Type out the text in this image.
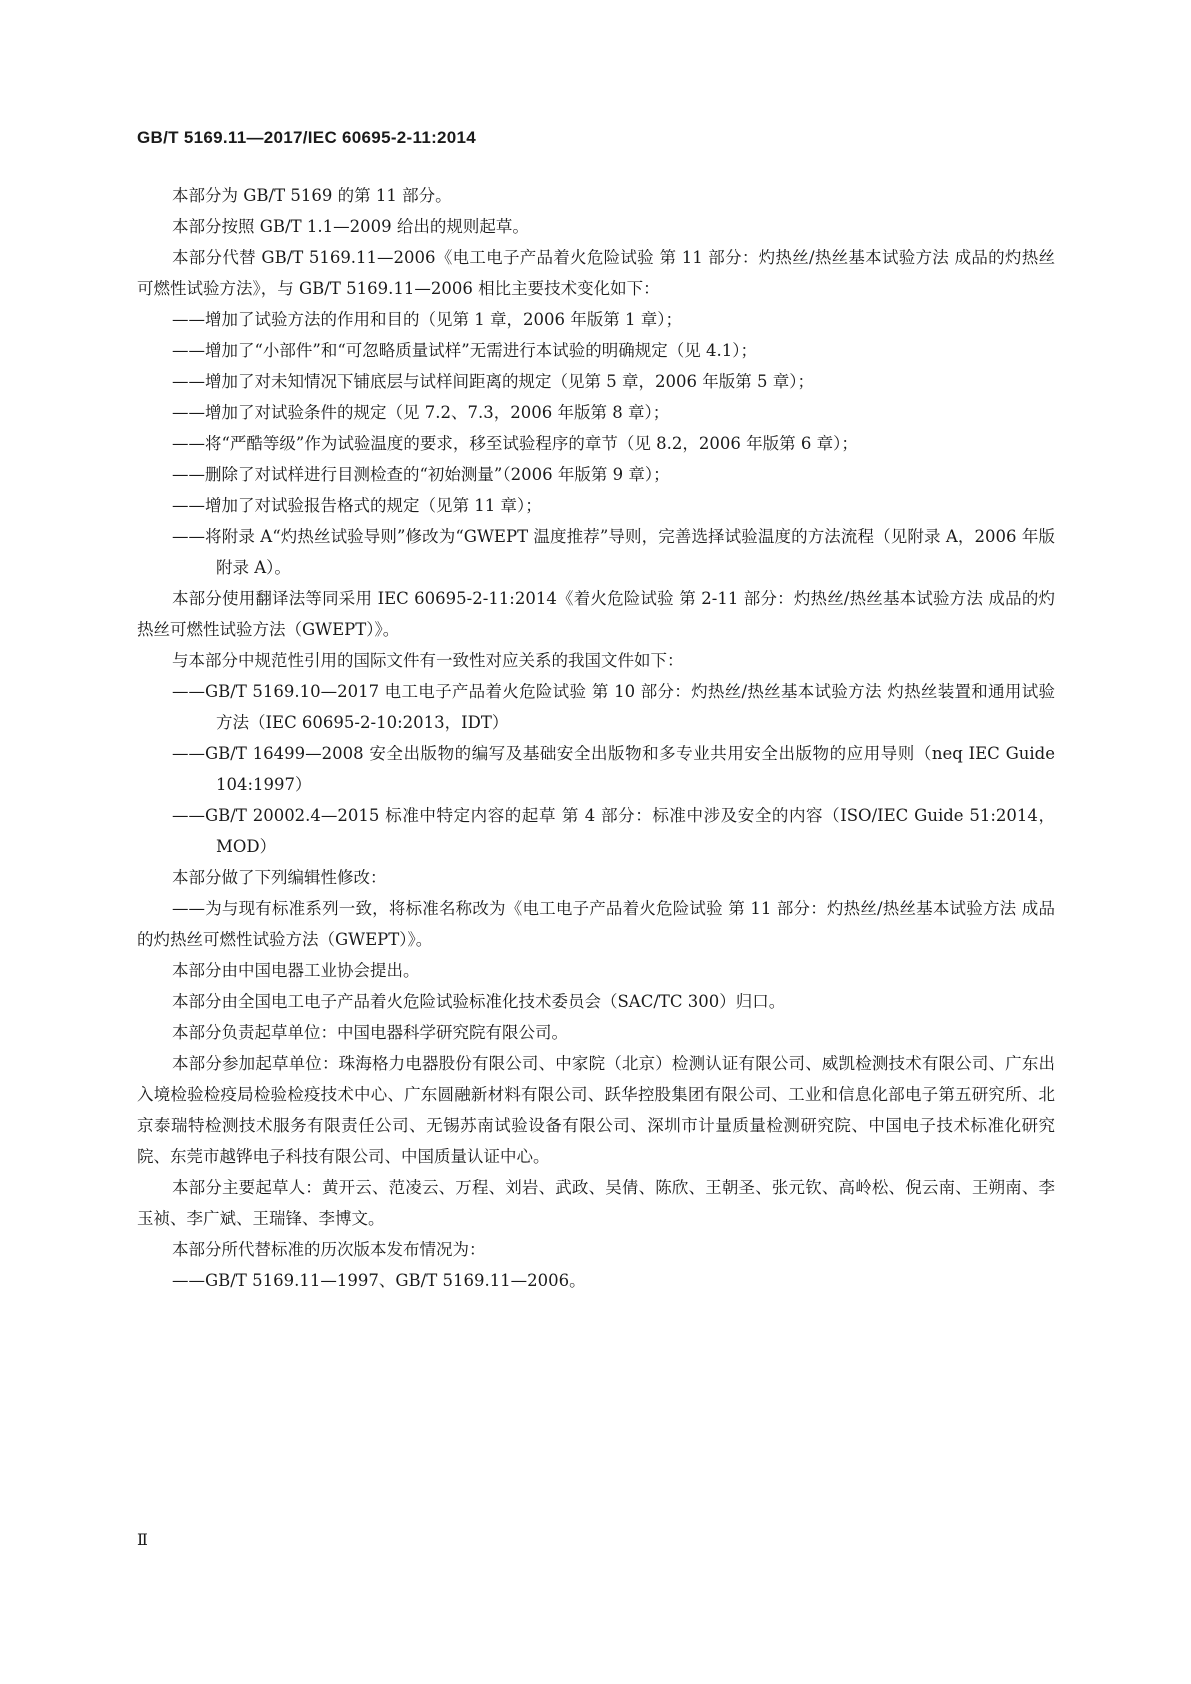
GB/T 5169.11—2017/IEC 60695-2-11:2014

本部分为 GB/T 5169 的第 11 部分。

本部分按照 GB/T 1.1—2009 给出的规则起草。

本部分代替 GB/T 5169.11—2006《电工电子产品着火危险试验 第 11 部分：灼热丝/热丝基本试验方法 成品的灼热丝可燃性试验方法》，与 GB/T 5169.11—2006 相比主要技术变化如下：

——增加了试验方法的作用和目的（见第 1 章，2006 年版第 1 章）；

——增加了“小部件”和“可忽略质量试样”无需进行本试验的明确规定（见 4.1）；

——增加了对未知情况下铺底层与试样间距离的规定（见第 5 章，2006 年版第 5 章）；

——增加了对试验条件的规定（见 7.2、7.3，2006 年版第 8 章）；

——将“严酷等级”作为试验温度的要求，移至试验程序的章节（见 8.2，2006 年版第 6 章）；

——删除了对试样进行目测检查的“初始测量”（2006 年版第 9 章）；

——增加了对试验报告格式的规定（见第 11 章）；

——将附录 A“灼热丝试验导则”修改为“GWEPT 温度推荐”导则，完善选择试验温度的方法流程（见附录 A，2006 年版附录 A）。

本部分使用翻译法等同采用 IEC 60695-2-11:2014《着火危险试验 第 2-11 部分：灼热丝/热丝基本试验方法 成品的灼热丝可燃性试验方法（GWEPT）》。

与本部分中规范性引用的国际文件有一致性对应关系的我国文件如下：

——GB/T 5169.10—2017 电工电子产品着火危险试验 第 10 部分：灼热丝/热丝基本试验方法 灼热丝装置和通用试验方法（IEC 60695-2-10:2013，IDT）

——GB/T 16499—2008 安全出版物的编写及基础安全出版物和多专业共用安全出版物的应用导则（neq IEC Guide 104:1997）

——GB/T 20002.4—2015 标准中特定内容的起草 第 4 部分：标准中涉及安全的内容（ISO/IEC Guide 51:2014，MOD）

本部分做了下列编辑性修改：

——为与现有标准系列一致，将标准名称改为《电工电子产品着火危险试验 第 11 部分：灼热丝/热丝基本试验方法 成品的灼热丝可燃性试验方法（GWEPT）》。

本部分由中国电器工业协会提出。

本部分由全国电工电子产品着火危险试验标准化技术委员会（SAC/TC 300）归口。

本部分负责起草单位：中国电器科学研究院有限公司。

本部分参加起草单位：珠海格力电器股份有限公司、中家院（北京）检测认证有限公司、威凯检测技术有限公司、广东出入境检验检疫局检验检疫技术中心、广东圆融新材料有限公司、跃华控股集团有限公司、工业和信息化部电子第五研究所、北京泰瑞特检测技术服务有限责任公司、无锡苏南试验设备有限公司、深圳市计量质量检测研究院、中国电子技术标准化研究院、东莞市越铧电子科技有限公司、中国质量认证中心。

本部分主要起草人：黄开云、范凌云、万程、刘岩、武政、吴倩、陈欣、王朝圣、张元钦、高岭松、倪云南、王朔南、李玉祯、李广斌、王瑞锋、李博文。

本部分所代替标准的历次版本发布情况为：

——GB/T 5169.11—1997、GB/T 5169.11—2006。

Ⅱ
